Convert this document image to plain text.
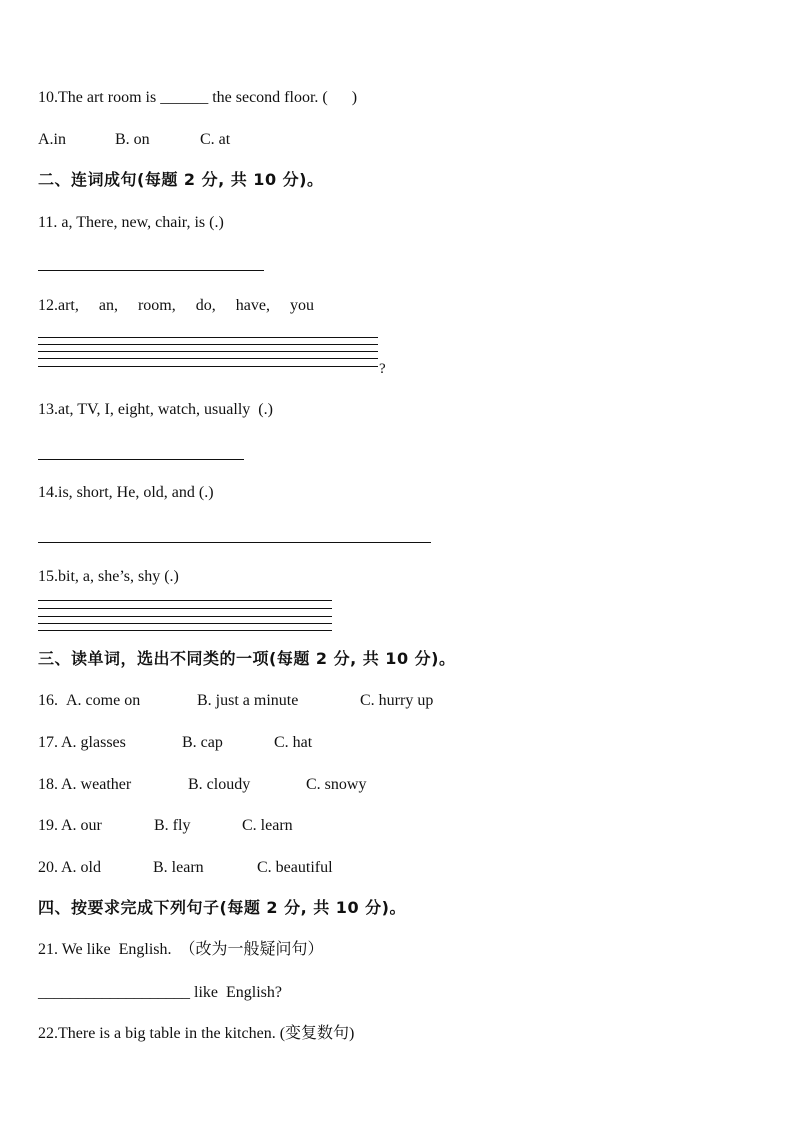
10.The art room is ______ the second floor. (      )
A.in	B. on	C. at
二、连词成句(每题 2 分, 共 10 分)。
11. a, There, new, chair, is (.)
12.art,     an,     room,     do,     have,     you
?
13.at, TV, I, eight, watch, usually  (.)
14.is, short, He, old, and (.)
15.bit, a, she’s, shy (.)
三、读单词，选出不同类的一项(每题 2 分, 共 10 分)。
16. A. come on	B. just a minute	C. hurry up
17. A. glasses	B. cap	C. hat
18. A. weather	B. cloudy	C. snowy
19. A. our	B. fly	C. learn
20. A. old	B. learn	C. beautiful
四、按要求完成下列句子(每题 2 分, 共 10 分)。
21. We like  English.  （改为一般疑问句）
___________________ like  English?
22.There is a big table in the kitchen. (变复数句)
